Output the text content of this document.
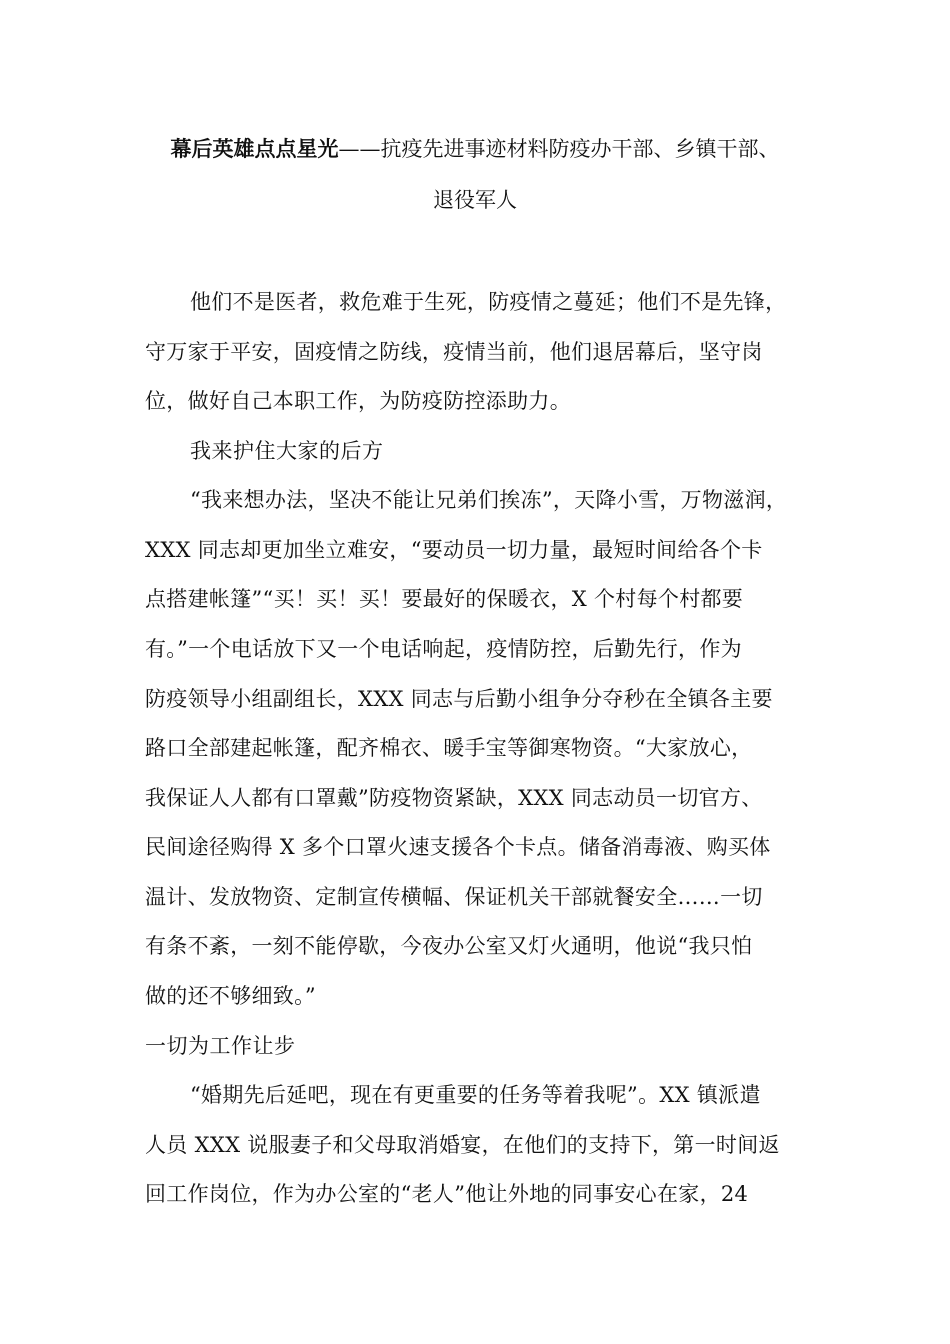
幕后英雄点点星光——抗疫先进事迹材料防疫办干部、乡镇干部、
退役军人
他们不是医者，救危难于生死，防疫情之蔓延；他们不是先锋，
守万家于平安，固疫情之防线，疫情当前，他们退居幕后，坚守岗
位，做好自己本职工作，为防疫防控添助力。
我来护住大家的后方
“我来想办法，坚决不能让兄弟们挨冻”，天降小雪，万物滋润，
XXX 同志却更加坐立难安，“要动员一切力量，最短时间给各个卡
点搭建帐篷”“买！买！买！要最好的保暖衣，X 个村每个村都要
有。”一个电话放下又一个电话响起，疫情防控，后勤先行，作为
防疫领导小组副组长，XXX 同志与后勤小组争分夺秒在全镇各主要
路口全部建起帐篷，配齐棉衣、暖手宝等御寒物资。“大家放心，
我保证人人都有口罩戴”防疫物资紧缺，XXX 同志动员一切官方、
民间途径购得 X 多个口罩火速支援各个卡点。储备消毒液、购买体
温计、发放物资、定制宣传横幅、保证机关干部就餐安全……一切
有条不紊，一刻不能停歇，今夜办公室又灯火通明，他说“我只怕
做的还不够细致。”
一切为工作让步
“婚期先后延吧，现在有更重要的任务等着我呢”。XX 镇派遣
人员 XXX 说服妻子和父母取消婚宴，在他们的支持下，第一时间返
回工作岗位，作为办公室的“老人”他让外地的同事安心在家，24
